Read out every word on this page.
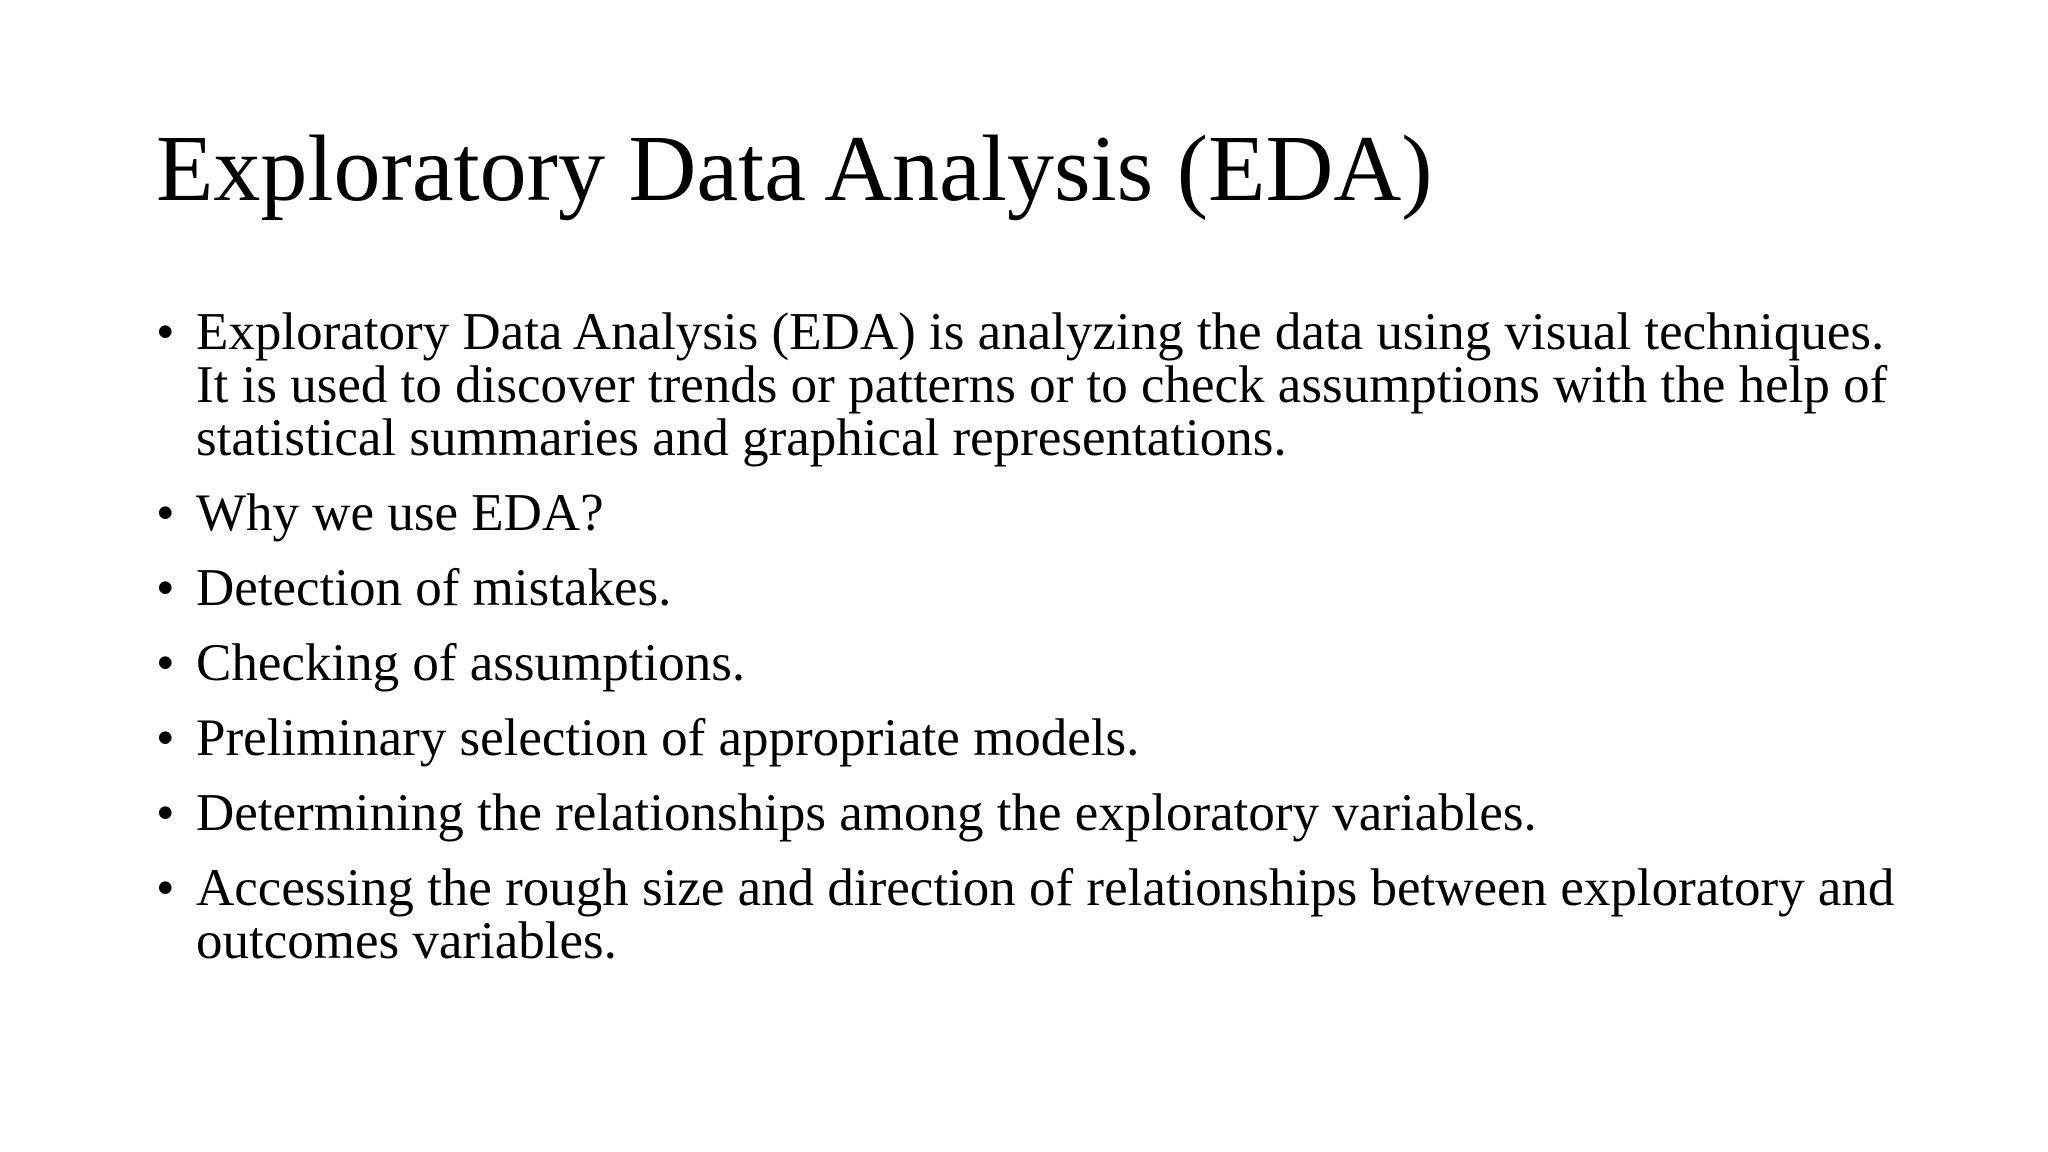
Exploratory Data Analysis (EDA)
• Exploratory Data Analysis (EDA) is analyzing the data using visual techniques. It is used to discover trends or patterns or to check assumptions with the help of statistical summaries and graphical representations.
• Why we use EDA?
• Detection of mistakes.
• Checking of assumptions.
• Preliminary selection of appropriate models.
• Determining the relationships among the exploratory variables.
• Accessing the rough size and direction of relationships between exploratory and outcomes variables.
